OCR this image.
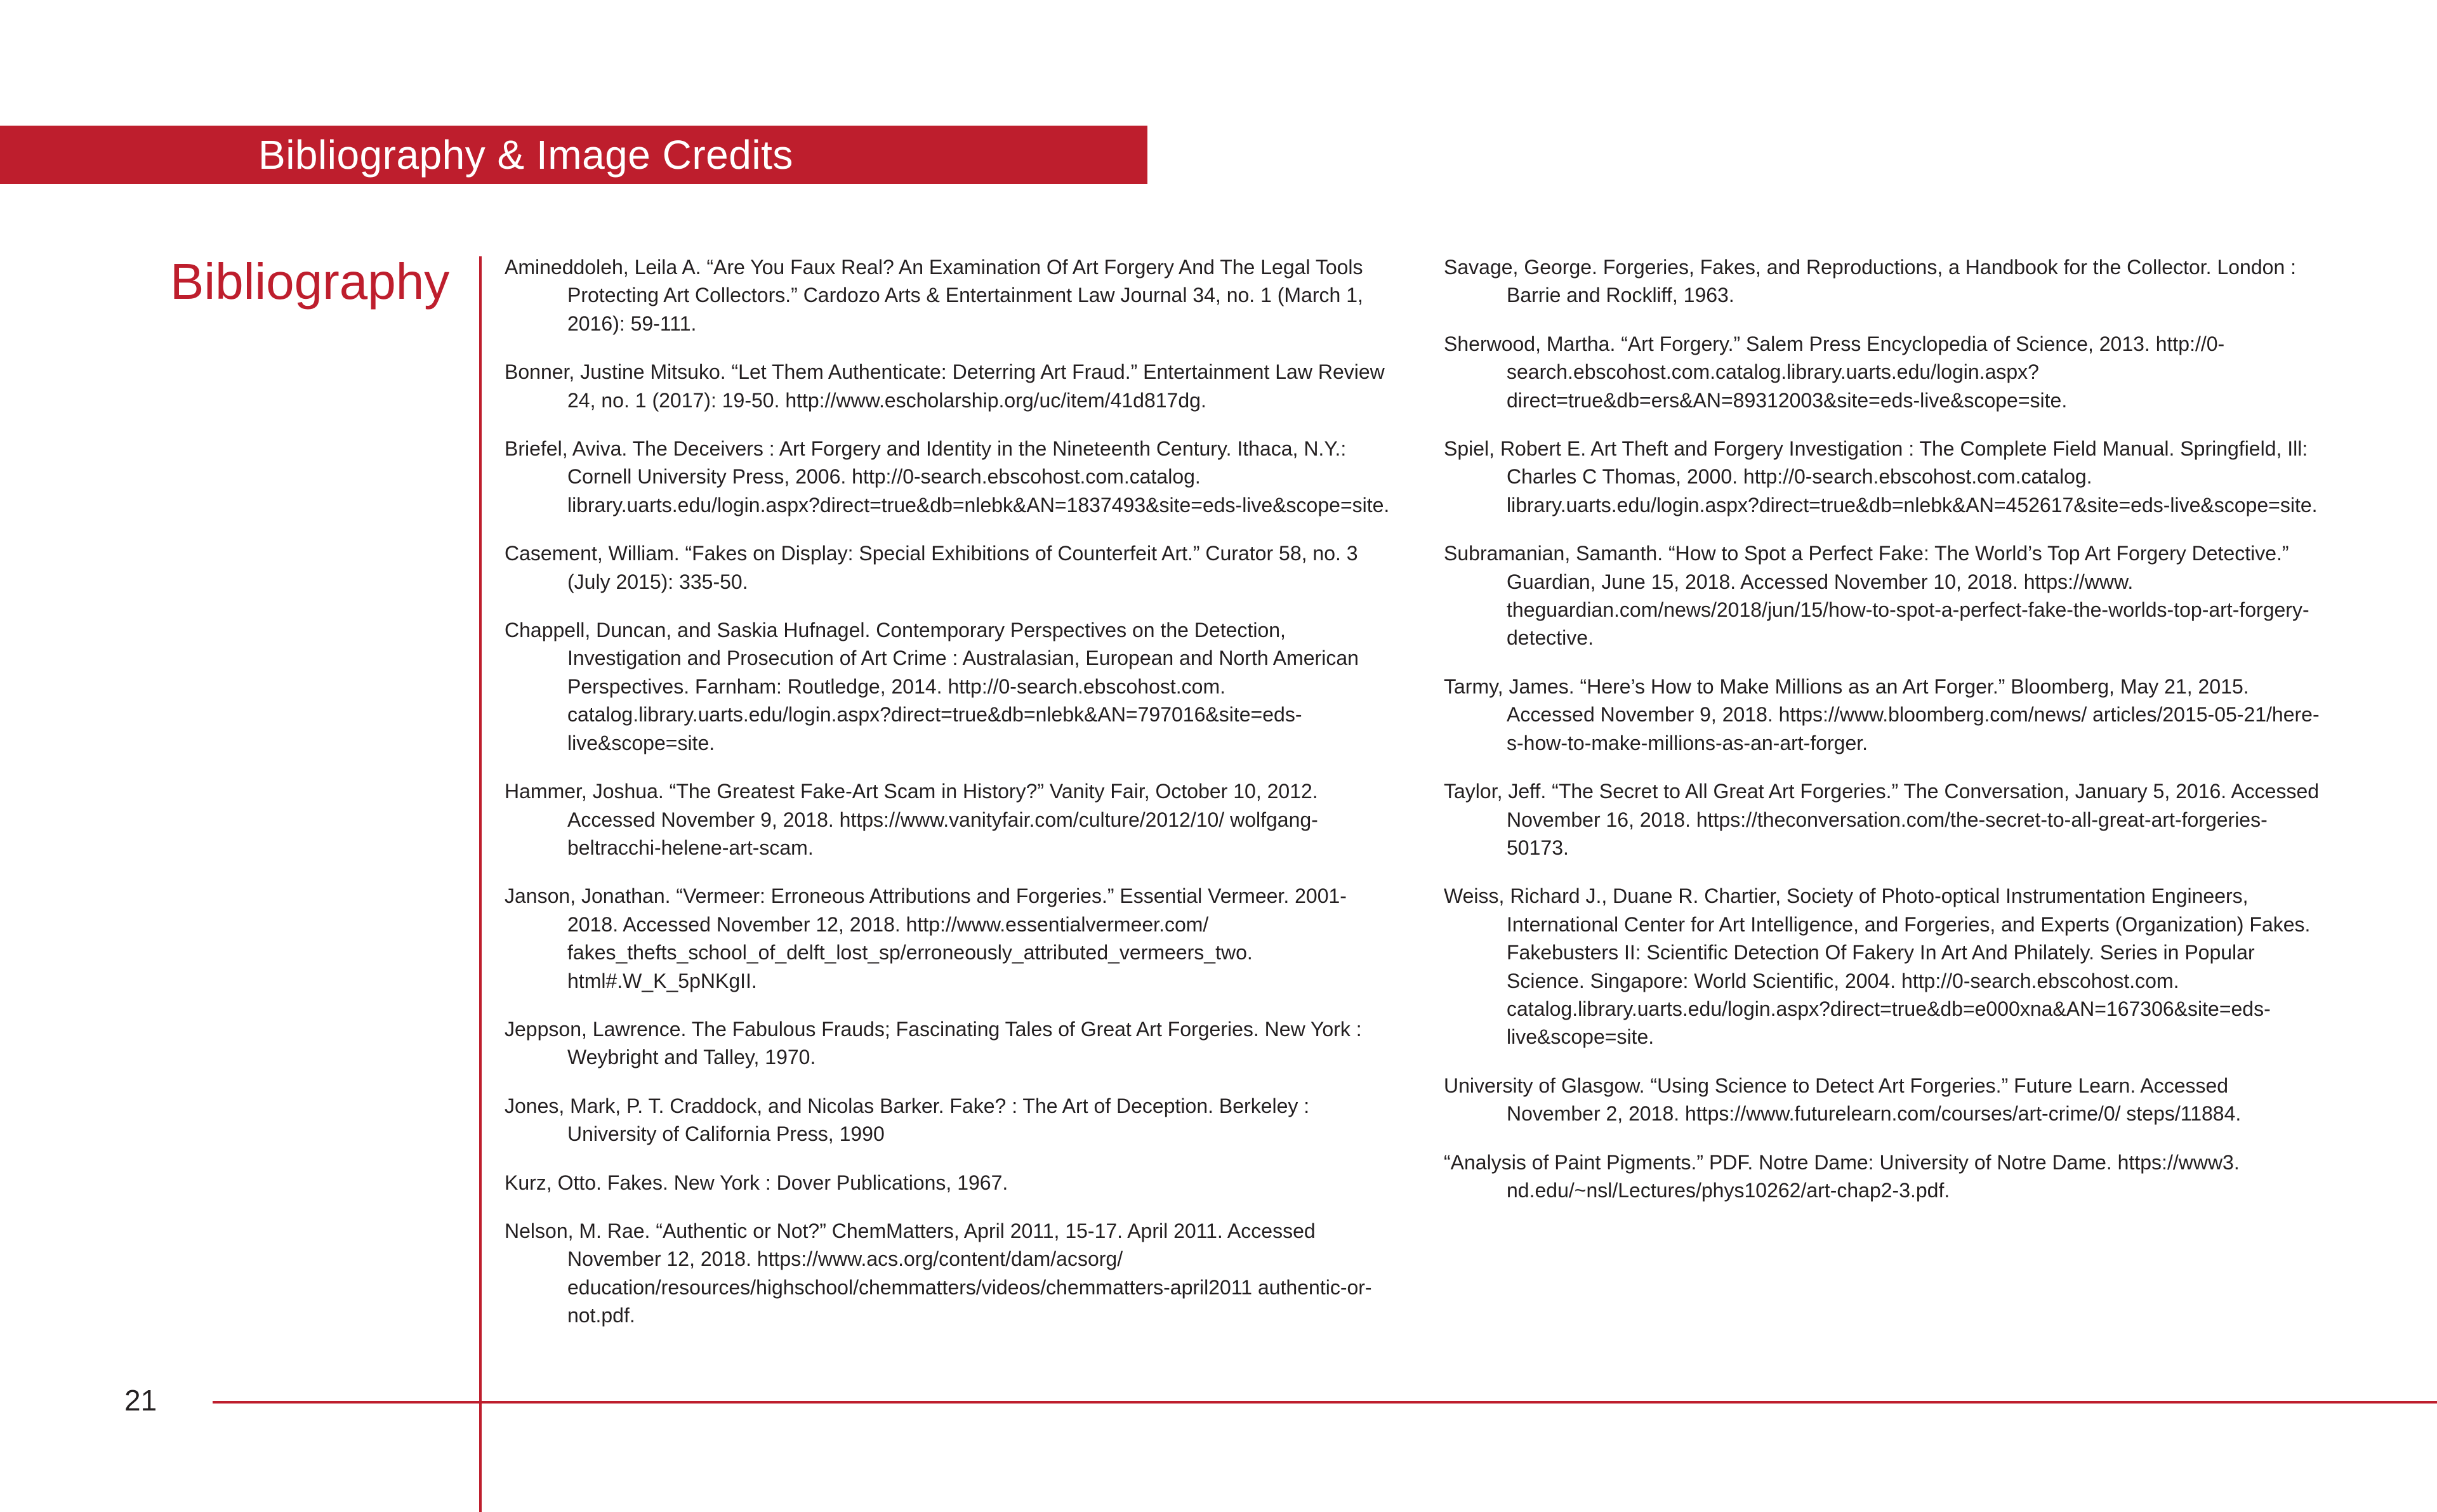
Bibliography & Image Credits
Bibliography
21

Amineddoleh, Leila A. “Are You Faux Real? An Examination Of Art Forgery And The Legal Tools Protecting Art Collectors.” Cardozo Arts & Entertainment Law Journal 34, no. 1 (March 1, 2016): 59-111.

Bonner, Justine Mitsuko. “Let Them Authenticate: Deterring Art Fraud.” Entertainment Law Review 24, no. 1 (2017): 19-50. http://www.escholarship.org/uc/item/41d817dg.

Briefel, Aviva. The Deceivers : Art Forgery and Identity in the Nineteenth Century. Ithaca, N.Y.: Cornell University Press, 2006. http://0-search.ebscohost.com.catalog. library.uarts.edu/login.aspx?direct=true&db=nlebk&AN=1837493&site=eds-live&scope=site.

Casement, William. “Fakes on Display: Special Exhibitions of Counterfeit Art.” Curator 58, no. 3 (July 2015): 335-50.

Chappell, Duncan, and Saskia Hufnagel. Contemporary Perspectives on the Detection, Investigation and Prosecution of Art Crime : Australasian, European and North American Perspectives. Farnham: Routledge, 2014. http://0-search.ebscohost.com. catalog.library.uarts.edu/login.aspx?direct=true&db=nlebk&AN=797016&site=eds-live&scope=site.

Hammer, Joshua. “The Greatest Fake-Art Scam in History?” Vanity Fair, October 10, 2012. Accessed November 9, 2018. https://www.vanityfair.com/culture/2012/10/ wolfgang-beltracchi-helene-art-scam.

Janson, Jonathan. “Vermeer: Erroneous Attributions and Forgeries.” Essential Vermeer. 2001-2018. Accessed November 12, 2018. http://www.essentialvermeer.com/ fakes_thefts_school_of_delft_lost_sp/erroneously_attributed_vermeers_two. html#.W_K_5pNKgII.

Jeppson, Lawrence. The Fabulous Frauds; Fascinating Tales of Great Art Forgeries. New York : Weybright and Talley, 1970.

Jones, Mark, P. T. Craddock, and Nicolas Barker. Fake? : The Art of Deception. Berkeley : University of California Press, 1990

Kurz, Otto. Fakes. New York : Dover Publications, 1967.

Nelson, M. Rae. “Authentic or Not?” ChemMatters, April 2011, 15-17. April 2011. Accessed November 12, 2018. https://www.acs.org/content/dam/acsorg/ education/resources/highschool/chemmatters/videos/chemmatters-april2011 authentic-or-not.pdf.

Savage, George. Forgeries, Fakes, and Reproductions, a Handbook for the Collector. London : Barrie and Rockliff, 1963.

Sherwood, Martha. “Art Forgery.” Salem Press Encyclopedia of Science, 2013. http://0-search.ebscohost.com.catalog.library.uarts.edu/login.aspx?direct=true&db=ers&AN=89312003&site=eds-live&scope=site.

Spiel, Robert E. Art Theft and Forgery Investigation : The Complete Field Manual. Springfield, Ill: Charles C Thomas, 2000. http://0-search.ebscohost.com.catalog. library.uarts.edu/login.aspx?direct=true&db=nlebk&AN=452617&site=eds-live&scope=site.

Subramanian, Samanth. “How to Spot a Perfect Fake: The World’s Top Art Forgery Detective.” Guardian, June 15, 2018. Accessed November 10, 2018. https://www. theguardian.com/news/2018/jun/15/how-to-spot-a-perfect-fake-the-worlds-top-art-forgery-detective.

Tarmy, James. “Here’s How to Make Millions as an Art Forger.” Bloomberg, May 21, 2015. Accessed November 9, 2018. https://www.bloomberg.com/news/ articles/2015-05-21/here-s-how-to-make-millions-as-an-art-forger.

Taylor, Jeff. “The Secret to All Great Art Forgeries.” The Conversation, January 5, 2016. Accessed November 16, 2018. https://theconversation.com/the-secret-to-all-great-art-forgeries-50173.

Weiss, Richard J., Duane R. Chartier, Society of Photo-optical Instrumentation Engineers, International Center for Art Intelligence, and Forgeries, and Experts (Organization) Fakes. Fakebusters II: Scientific Detection Of Fakery In Art And Philately. Series in Popular Science. Singapore: World Scientific, 2004. http://0-search.ebscohost.com. catalog.library.uarts.edu/login.aspx?direct=true&db=e000xna&AN=167306&site=eds-live&scope=site.

University of Glasgow. “Using Science to Detect Art Forgeries.” Future Learn. Accessed November 2, 2018. https://www.futurelearn.com/courses/art-crime/0/ steps/11884.

“Analysis of Paint Pigments.” PDF. Notre Dame: University of Notre Dame. https://www3. nd.edu/~nsl/Lectures/phys10262/art-chap2-3.pdf.
